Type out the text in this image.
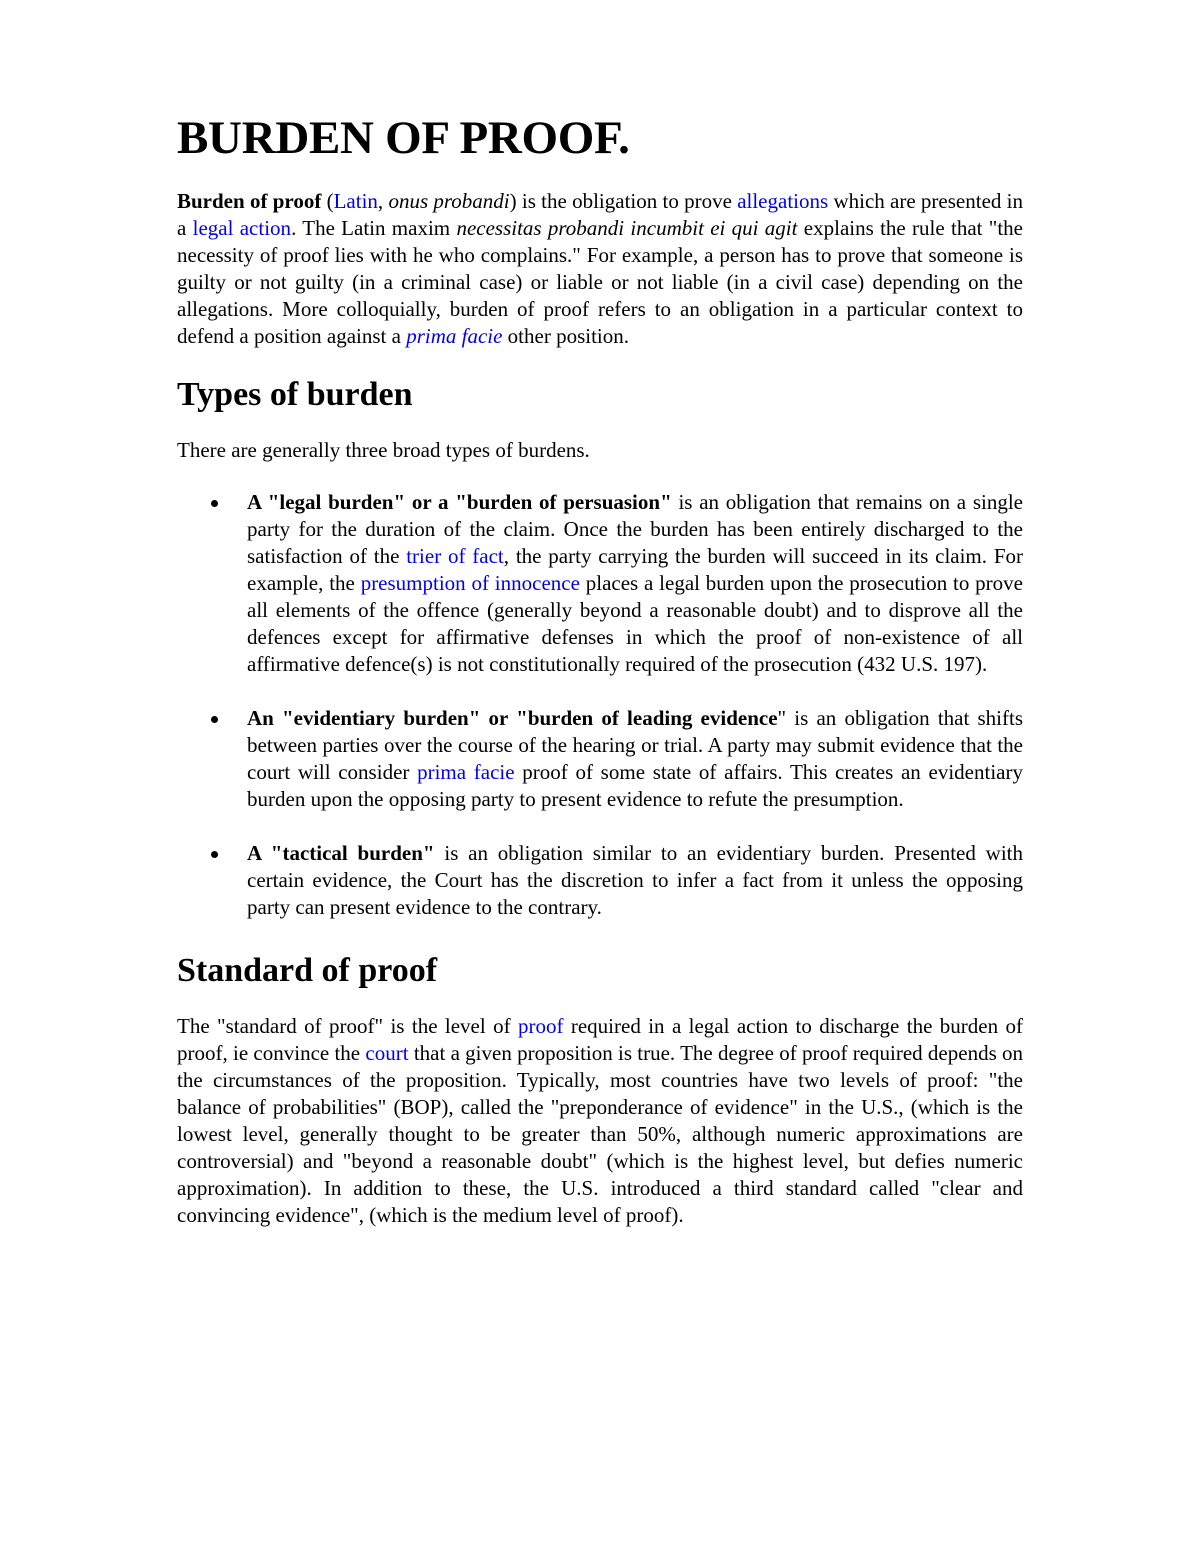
BURDEN OF PROOF.

Burden of proof (Latin, onus probandi) is the obligation to prove allegations which are presented in a legal action. The Latin maxim necessitas probandi incumbit ei qui agit explains the rule that "the necessity of proof lies with he who complains." For example, a person has to prove that someone is guilty or not guilty (in a criminal case) or liable or not liable (in a civil case) depending on the allegations. More colloquially, burden of proof refers to an obligation in a particular context to defend a position against a prima facie other position.

Types of burden

There are generally three broad types of burdens.

A "legal burden" or a "burden of persuasion" is an obligation that remains on a single party for the duration of the claim. Once the burden has been entirely discharged to the satisfaction of the trier of fact, the party carrying the burden will succeed in its claim. For example, the presumption of innocence places a legal burden upon the prosecution to prove all elements of the offence (generally beyond a reasonable doubt) and to disprove all the defences except for affirmative defenses in which the proof of non-existence of all affirmative defence(s) is not constitutionally required of the prosecution (432 U.S. 197).
An "evidentiary burden" or "burden of leading evidence" is an obligation that shifts between parties over the course of the hearing or trial. A party may submit evidence that the court will consider prima facie proof of some state of affairs. This creates an evidentiary burden upon the opposing party to present evidence to refute the presumption.
A "tactical burden" is an obligation similar to an evidentiary burden. Presented with certain evidence, the Court has the discretion to infer a fact from it unless the opposing party can present evidence to the contrary.
Standard of proof

The "standard of proof" is the level of proof required in a legal action to discharge the burden of proof, ie convince the court that a given proposition is true. The degree of proof required depends on the circumstances of the proposition. Typically, most countries have two levels of proof: "the balance of probabilities" (BOP), called the "preponderance of evidence" in the U.S., (which is the lowest level, generally thought to be greater than 50%, although numeric approximations are controversial) and "beyond a reasonable doubt" (which is the highest level, but defies numeric approximation). In addition to these, the U.S. introduced a third standard called "clear and convincing evidence", (which is the medium level of proof).
